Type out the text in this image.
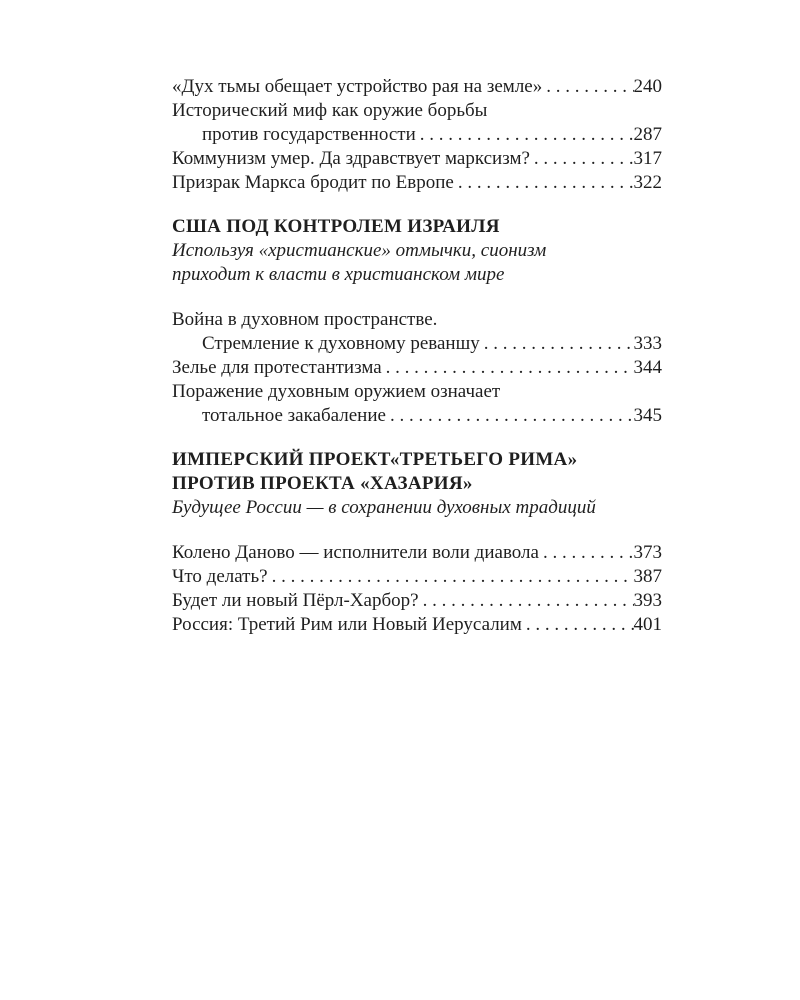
«Дух тьмы обещает устройство рая на земле» . . .	240
Исторический миф как оружие борьбы
против государственности . . .	287
Коммунизм умер. Да здравствует марксизм? . . .	317
Призрак Маркса бродит по Европе . . .	322
США ПОД КОНТРОЛЕМ ИЗРАИЛЯ
Используя «христианские» отмычки, сионизм
приходит к власти в христианском мире
Война в духовном пространстве.
Стремление к духовному реваншу . . .	333
Зелье для протестантизма . . .	344
Поражение духовным оружием означает
тотальное закабаление . . .	345
ИМПЕРСКИЙ ПРОЕКТ«ТРЕТЬЕГО РИМА»
ПРОТИВ ПРОЕКТА «ХАЗАРИЯ»
Будущее России — в сохранении духовных традиций
Колено Даново — исполнители воли диавола . . .	373
Что делать? . . .	387
Будет ли новый Пёрл-Харбор? . . .	393
Россия: Третий Рим или Новый Иерусалим . . .	401
